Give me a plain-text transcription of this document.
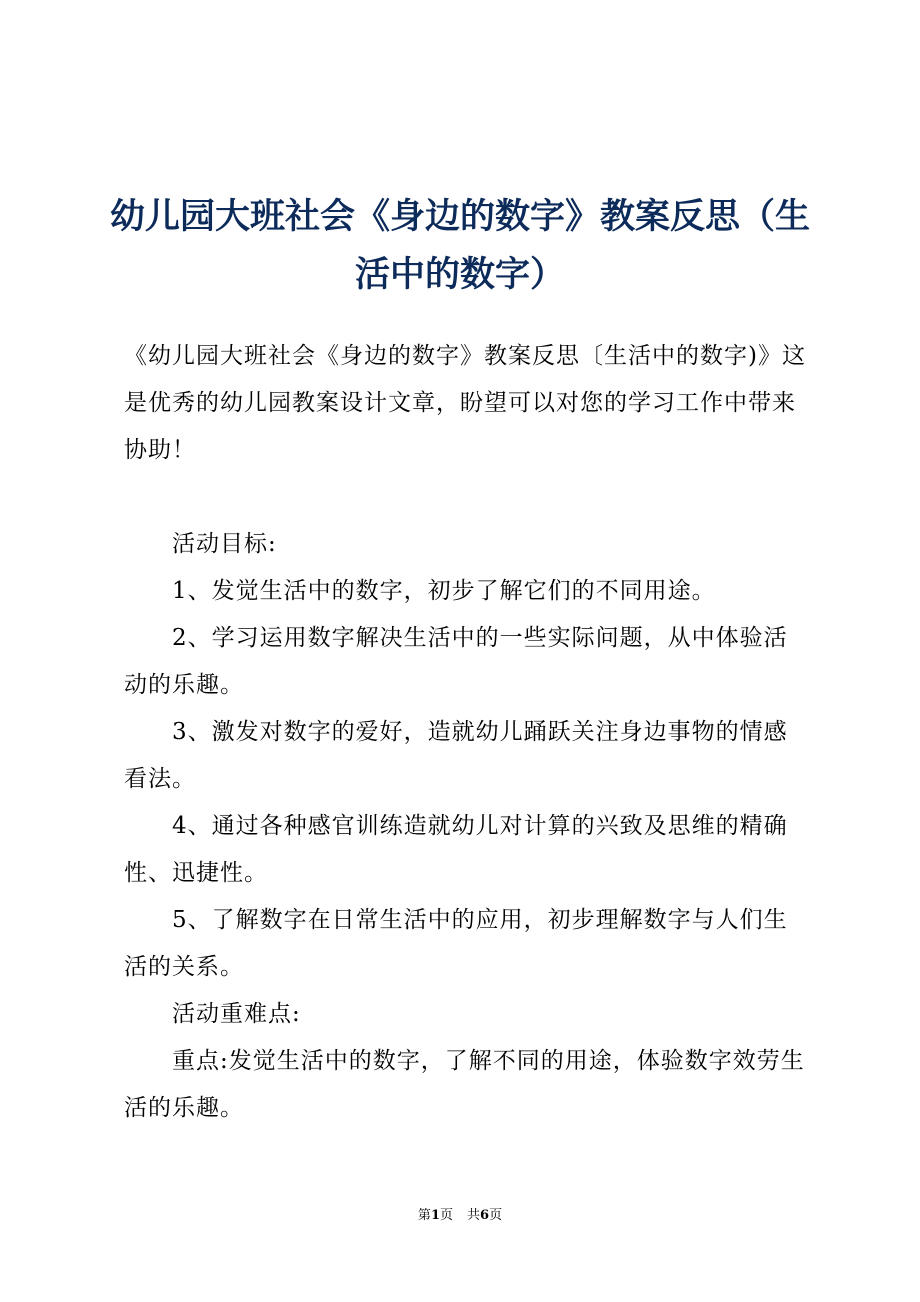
幼儿园大班社会《身边的数字》教案反思（生活中的数字）

《幼儿园大班社会《身边的数字》教案反思〔生活中的数字)》这是优秀的幼儿园教案设计文章，盼望可以对您的学习工作中带来协助！

活动目标:

1、发觉生活中的数字，初步了解它们的不同用途。

2、学习运用数字解决生活中的一些实际问题，从中体验活动的乐趣。

3、激发对数字的爱好，造就幼儿踊跃关注身边事物的情感看法。

4、通过各种感官训练造就幼儿对计算的兴致及思维的精确性、迅捷性。

5、了解数字在日常生活中的应用，初步理解数字与人们生活的关系。

活动重难点:

重点:发觉生活中的数字，了解不同的用途，体验数字效劳生活的乐趣。

第1页 共6页
